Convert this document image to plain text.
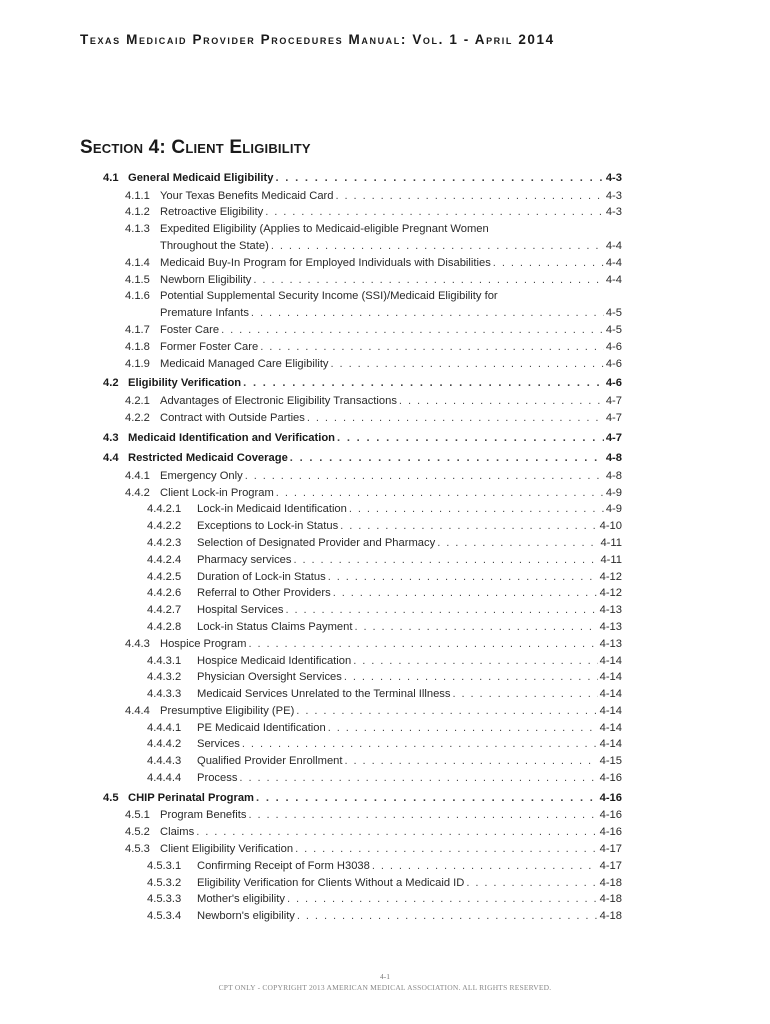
Texas Medicaid Provider Procedures Manual: Vol. 1 - April 2014
Section 4: Client Eligibility
4.1 General Medicaid Eligibility . . .	4-3
4.1.1 Your Texas Benefits Medicaid Card . . .	4-3
4.1.2 Retroactive Eligibility . . .	4-3
4.1.3 Expedited Eligibility (Applies to Medicaid-eligible Pregnant Women
Throughout the State) . . .	4-4
4.1.4 Medicaid Buy-In Program for Employed Individuals with Disabilities . . .	4-4
4.1.5 Newborn Eligibility . . .	4-4
4.1.6 Potential Supplemental Security Income (SSI)/Medicaid Eligibility for
Premature Infants . . .	4-5
4.1.7 Foster Care . . .	4-5
4.1.8 Former Foster Care . . .	4-6
4.1.9 Medicaid Managed Care Eligibility . . .	4-6
4.2 Eligibility Verification . . .	4-6
4.2.1 Advantages of Electronic Eligibility Transactions . . .	4-7
4.2.2 Contract with Outside Parties . . .	4-7
4.3 Medicaid Identification and Verification . . .	4-7
4.4 Restricted Medicaid Coverage . . .	4-8
4.4.1 Emergency Only . . .	4-8
4.4.2 Client Lock-in Program . . .	4-9
4.4.2.1 Lock-in Medicaid Identification . . .	4-9
4.4.2.2 Exceptions to Lock-in Status . . .	4-10
4.4.2.3 Selection of Designated Provider and Pharmacy . . .	4-11
4.4.2.4 Pharmacy services . . .	4-11
4.4.2.5 Duration of Lock-in Status . . .	4-12
4.4.2.6 Referral to Other Providers . . .	4-12
4.4.2.7 Hospital Services . . .	4-13
4.4.2.8 Lock-in Status Claims Payment . . .	4-13
4.4.3 Hospice Program . . .	4-13
4.4.3.1 Hospice Medicaid Identification . . .	4-14
4.4.3.2 Physician Oversight Services . . .	4-14
4.4.3.3 Medicaid Services Unrelated to the Terminal Illness . . .	4-14
4.4.4 Presumptive Eligibility (PE) . . .	4-14
4.4.4.1 PE Medicaid Identification . . .	4-14
4.4.4.2 Services . . .	4-14
4.4.4.3 Qualified Provider Enrollment . . .	4-15
4.4.4.4 Process . . .	4-16
4.5 CHIP Perinatal Program . . .	4-16
4.5.1 Program Benefits . . .	4-16
4.5.2 Claims . . .	4-16
4.5.3 Client Eligibility Verification . . .	4-17
4.5.3.1 Confirming Receipt of Form H3038 . . .	4-17
4.5.3.2 Eligibility Verification for Clients Without a Medicaid ID . . .	4-18
4.5.3.3 Mother's eligibility . . .	4-18
4.5.3.4 Newborn's eligibility . . .	4-18
4-1
CPT ONLY - COPYRIGHT 2013 AMERICAN MEDICAL ASSOCIATION. ALL RIGHTS RESERVED.
